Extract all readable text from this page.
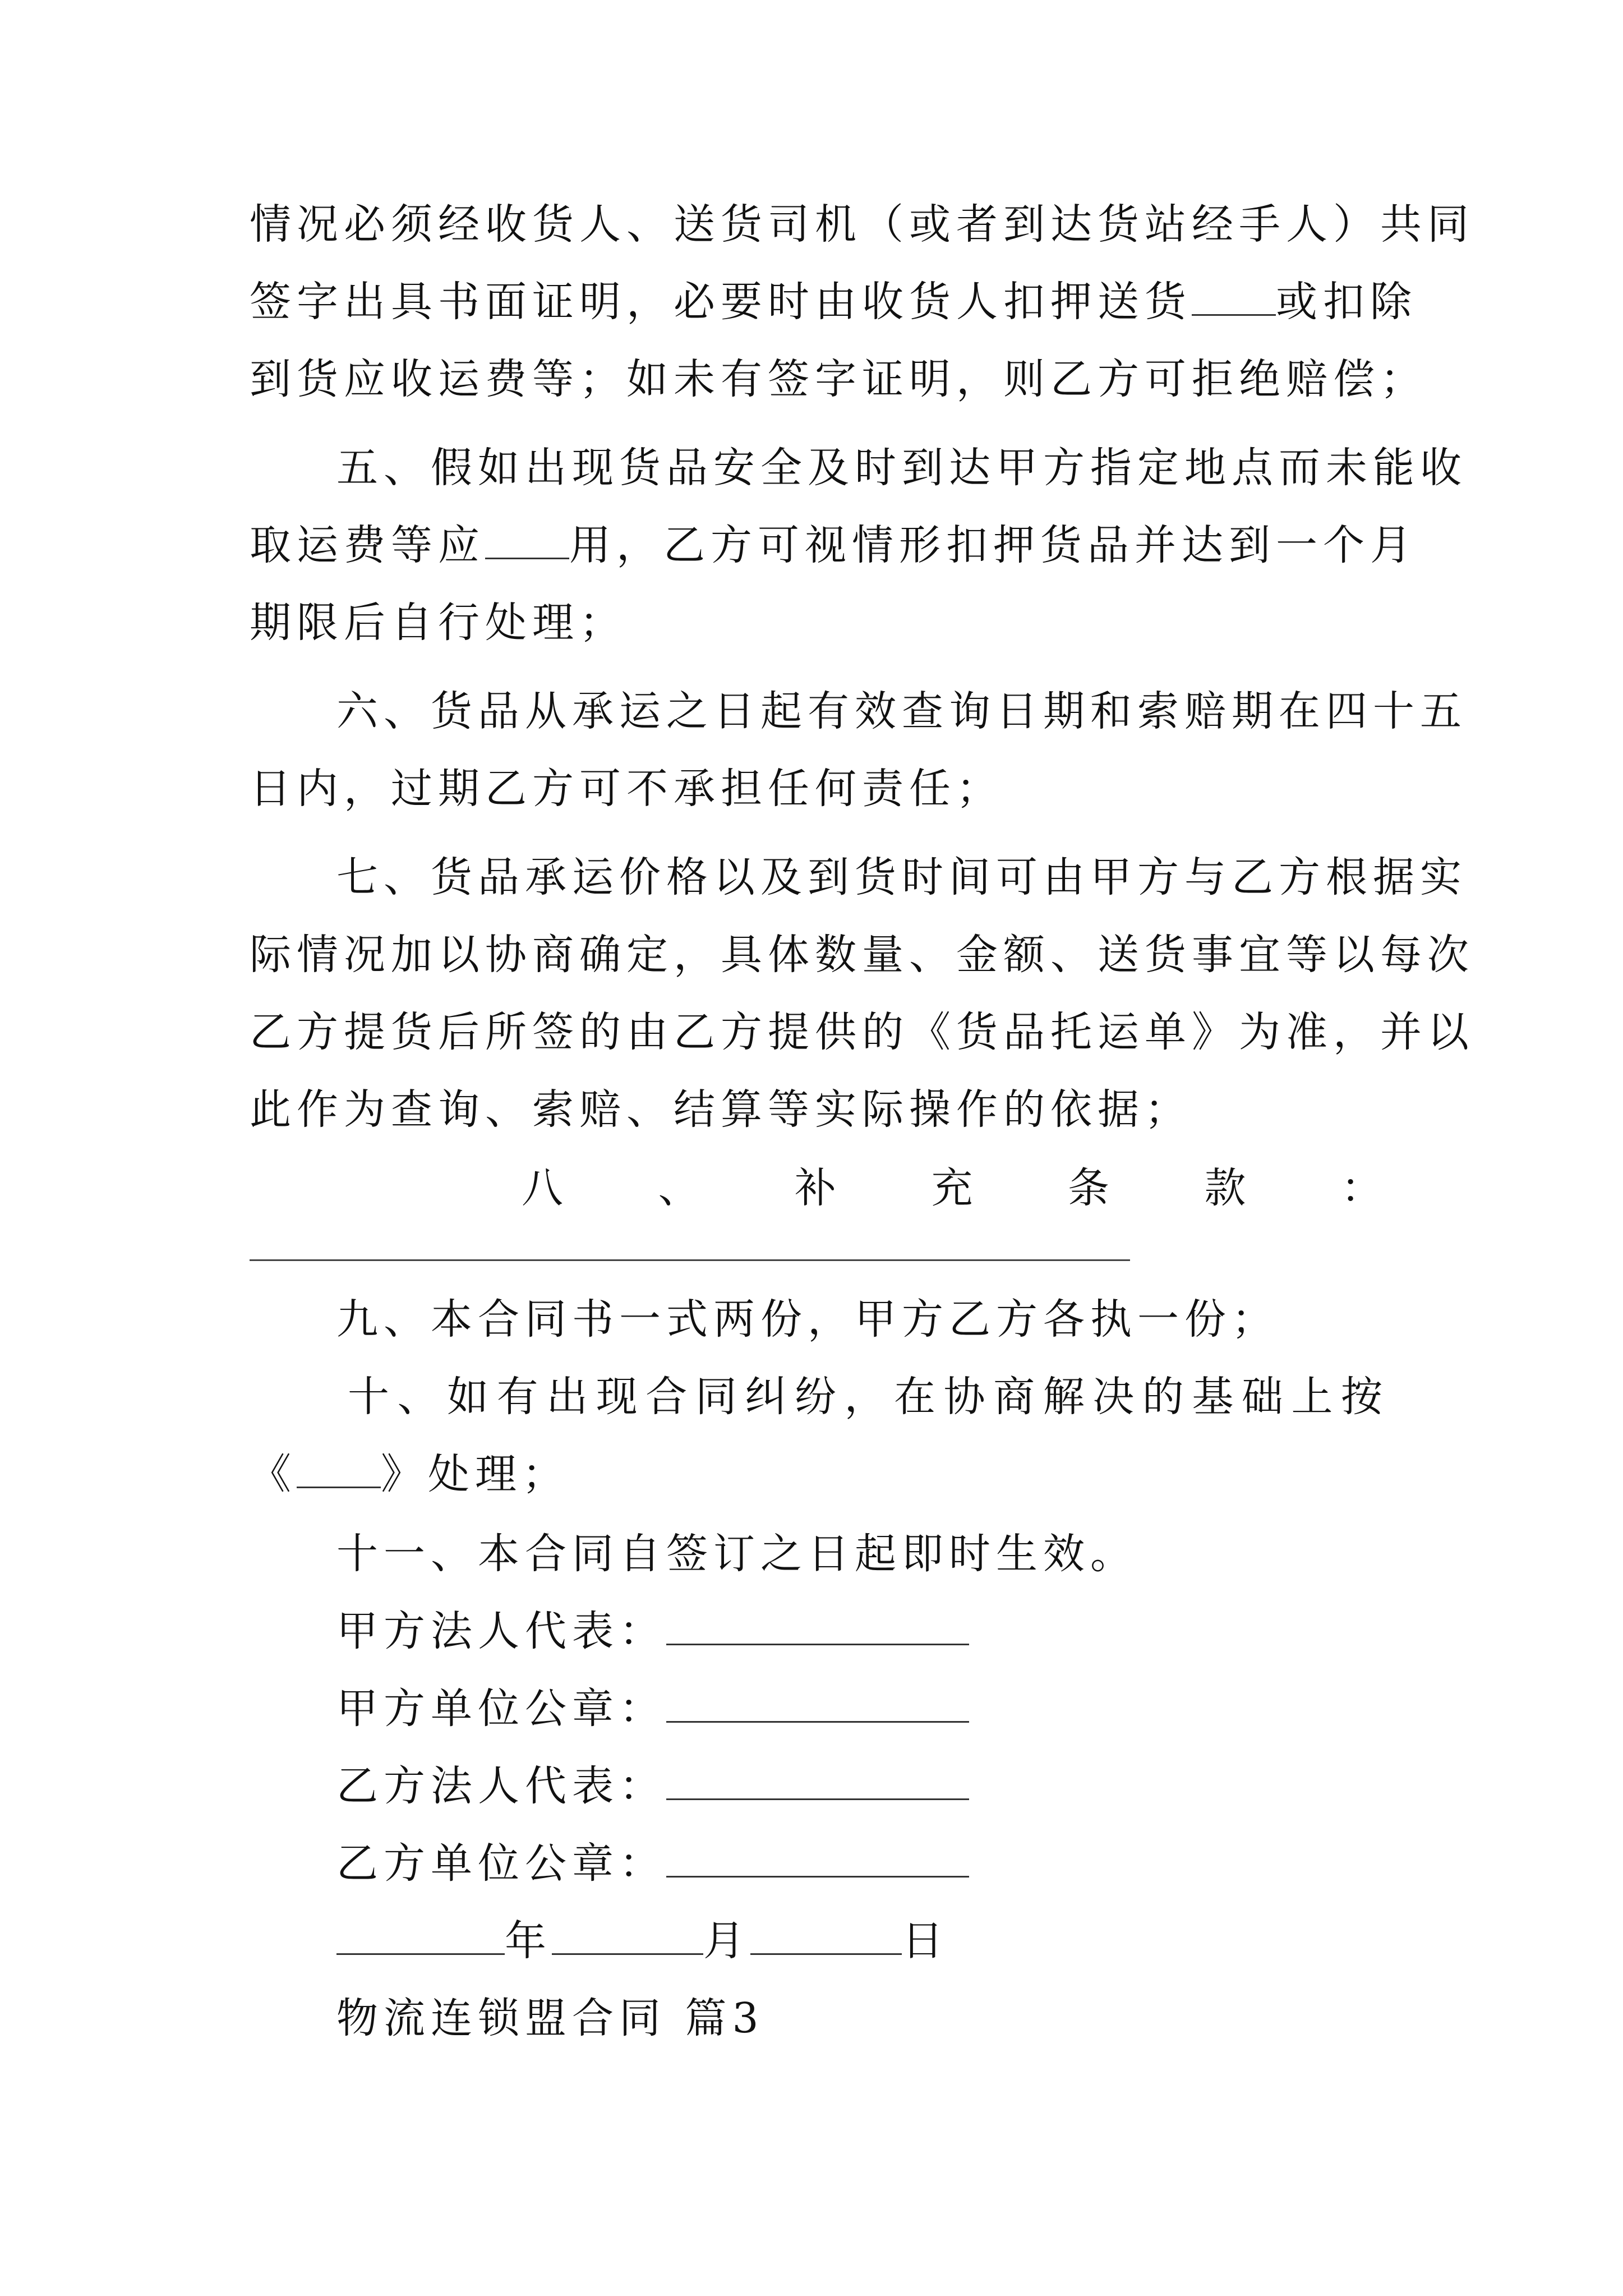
情况必须经收货人、送货司机（或者到达货站经手人）共同
签字出具书面证明，必要时由收货人扣押送货 或扣除
到货应收运费等；如未有签字证明，则乙方可拒绝赔偿；
五、假如出现货品安全及时到达甲方指定地点而未能收
取运费等应 用，乙方可视情形扣押货品并达到一个月
期限后自行处理；
六、货品从承运之日起有效查询日期和索赔期在四十五
日内，过期乙方可不承担任何责任；
七、货品承运价格以及到货时间可由甲方与乙方根据实
际情况加以协商确定，具体数量、金额、送货事宜等以每次
乙方提货后所签的由乙方提供的《货品托运单》为准，并以
此作为查询、索赔、结算等实际操作的依据；
八、补充条款：
九、本合同书一式两份，甲方乙方各执一份；
十、如有出现合同纠纷，在协商解决的基础上按
《 》处理；
十一、本合同自签订之日起即时生效。
甲方法人代表：
甲方单位公章：
乙方法人代表：
乙方单位公章：
年	月	日
物流连锁盟合同 篇3
